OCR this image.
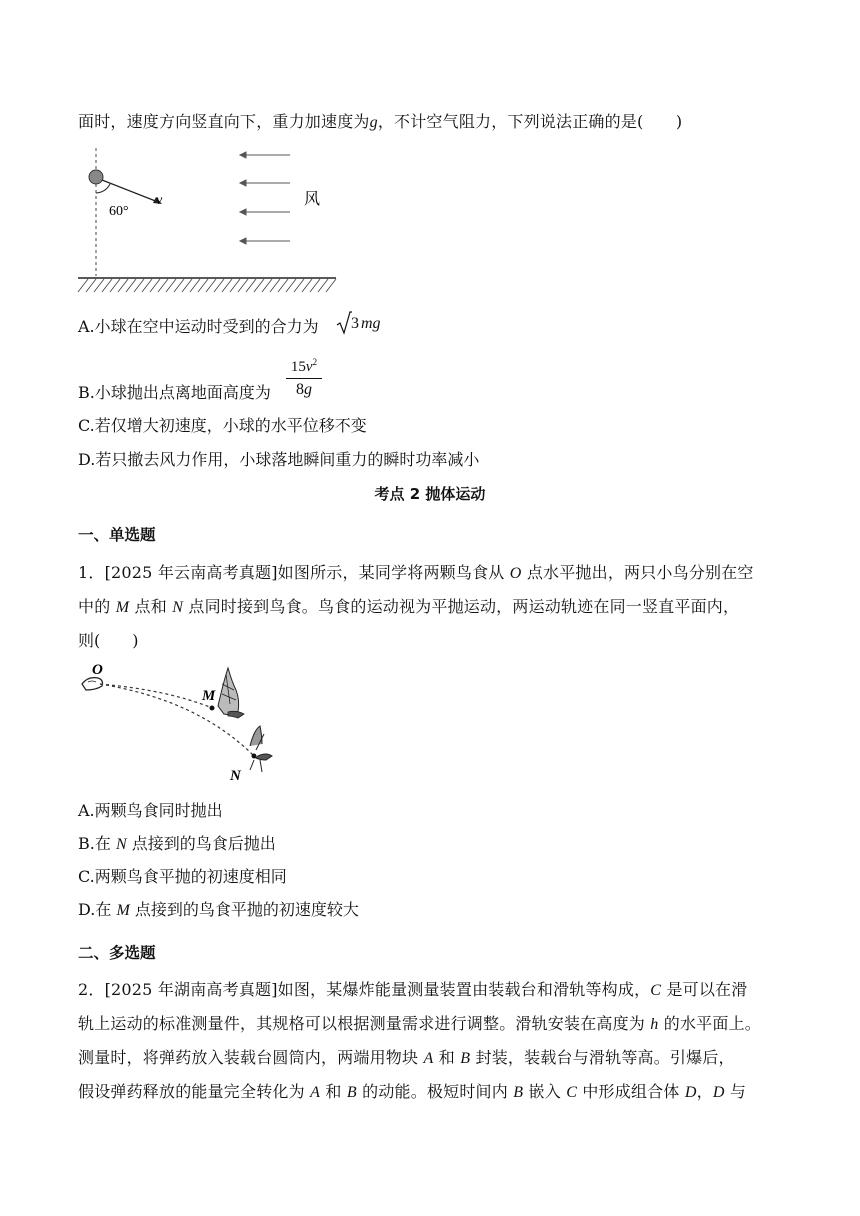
面时，速度方向竖直向下，重力加速度为g，不计空气阻力，下列说法正确的是(　　)
60°
v	风
A.小球在空中运动时受到的合力为 3 mg
B.小球抛出点离地面高度为
$15v^2$
8g
C.若仅增大初速度，小球的水平位移不变
D.若只撤去风力作用，小球落地瞬间重力的瞬时功率减小
考点 2 抛体运动
一、单选题
1．[2025 年云南高考真题]如图所示，某同学将两颗鸟食从 O 点水平抛出，两只小鸟分别在空
中的 M 点和 N 点同时接到鸟食。鸟食的运动视为平抛运动，两运动轨迹在同一竖直平面内，
则(　　)
O
M
N
A.两颗鸟食同时抛出
B.在 N 点接到的鸟食后抛出
C.两颗鸟食平抛的初速度相同
D.在 M 点接到的鸟食平抛的初速度较大
二、多选题
2．[2025 年湖南高考真题]如图，某爆炸能量测量装置由装载台和滑轨等构成，C 是可以在滑
轨上运动的标准测量件，其规格可以根据测量需求进行调整。滑轨安装在高度为 h 的水平面上。
测量时，将弹药放入装载台圆筒内，两端用物块 A 和 B 封装，装载台与滑轨等高。引爆后，
假设弹药释放的能量完全转化为 A 和 B 的动能。极短时间内 B 嵌入 C 中形成组合体 D，D 与
